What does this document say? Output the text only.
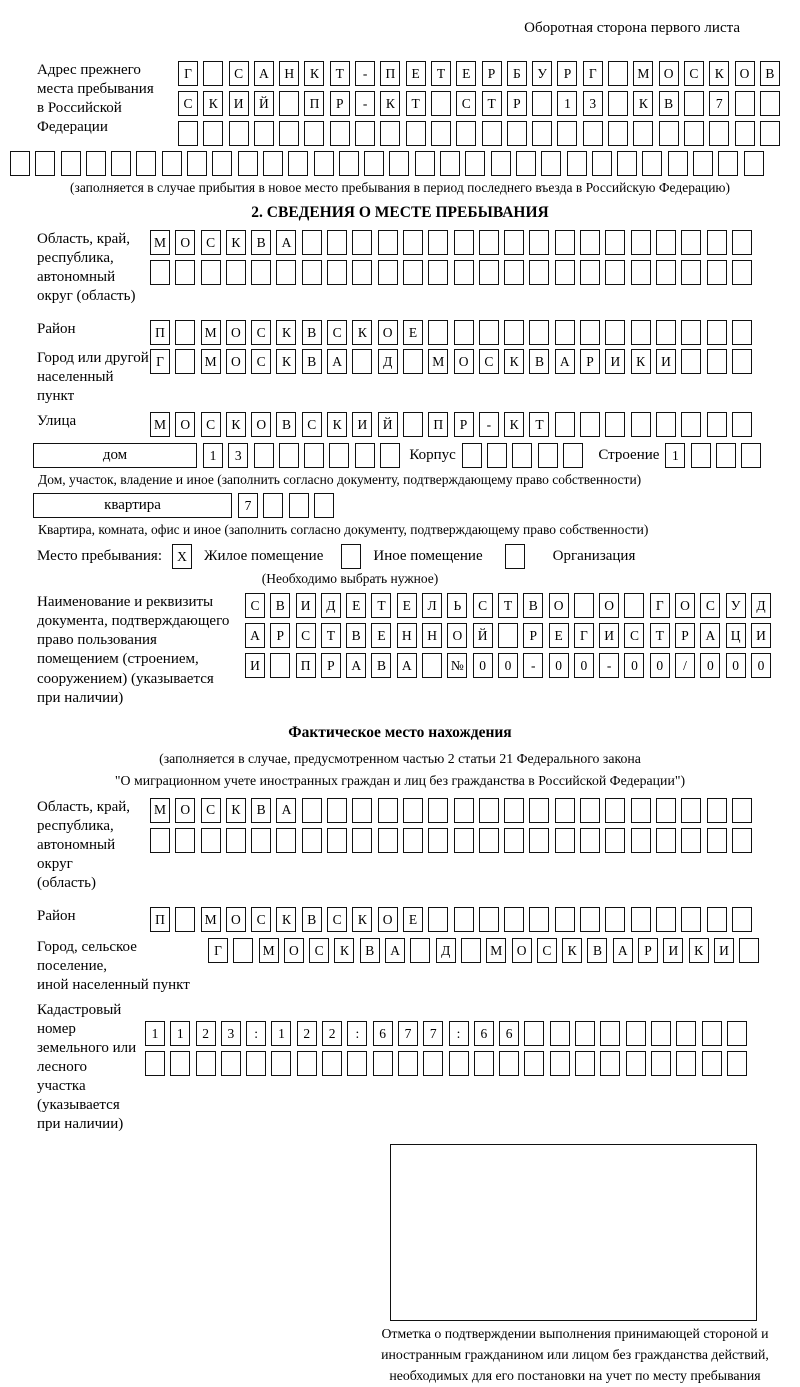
Оборотная сторона первого листа
Адрес прежнего
места пребывания
в Российской
Федерации
Г	С	А	Н	К	Т	-	П	Е	Т	Е	Р	Б	У	Р	Г	М	О	С	К	О	В
С	К	И	Й	П	Р	-	К	Т	С	Т	Р	1	3	К	В	7
(заполняется в случае прибытия в новое место пребывания в период последнего въезда в Российскую Федерацию)
2. СВЕДЕНИЯ О МЕСТЕ ПРЕБЫВАНИЯ
Область, край,
республика,
автономный
округ (область)
М	О	С	К	В	А
Район	П	М	О	С	К	В	С	К	О	Е
Город или другой
населенный пункт
Г	М	О	С	К	В	А	Д	М	О	С	К	В	А	Р	И	К	И
Улица	М	О	С	К	О	В	С	К	И	Й	П	Р	-	К	Т
дом	1	3	Корпус	Строение 1
Дом, участок, владение и иное (заполнить согласно документу, подтверждающему право собственности)
квартира	7
Квартира, комната, офис и иное (заполнить согласно документу, подтверждающему право собственности)
Место пребывания:	X	Жилое помещение	Иное помещение	Организация
(Необходимо выбрать нужное)
Наименование и реквизиты
документа, подтверждающего
право пользования
помещением (строением,
сооружением) (указывается
при наличии)
С	В	И	Д	Е	Т	Е	Л	Ь	С	Т	В	О	О	Г	О	С	У	Д
А	Р	С	Т	В	Е	Н	Н	О	Й	Р	Е	Г	И	С	Т	Р	А	Ц	И
И	П	Р	А	В	А	№	0	0	-	0	0	-	0	0	/	0	0	0
Фактическое место нахождения
(заполняется в случае, предусмотренном частью 2 статьи 21 Федерального закона
"О миграционном учете иностранных граждан и лиц без гражданства в Российской Федерации")
Область, край,
республика,
автономный округ
(область)
М	О	С	К	В	А
Район	П	М	О	С	К	В	С	К	О	Е
Город, сельское поселение,
иной населенный пункт
Г	М	О	С	К	В	А	Д	М	О	С	К	В	А	Р	И	К	И
Кадастровый номер
земельного или лесного
участка (указывается
при наличии)
1	1	2	3	:	1	2	2	:	6	7	7	:	6	6
Отметка о подтверждении выполнения принимающей стороной и иностранным гражданином или лицом без гражданства действий, необходимых для его постановки на учет по месту пребывания
